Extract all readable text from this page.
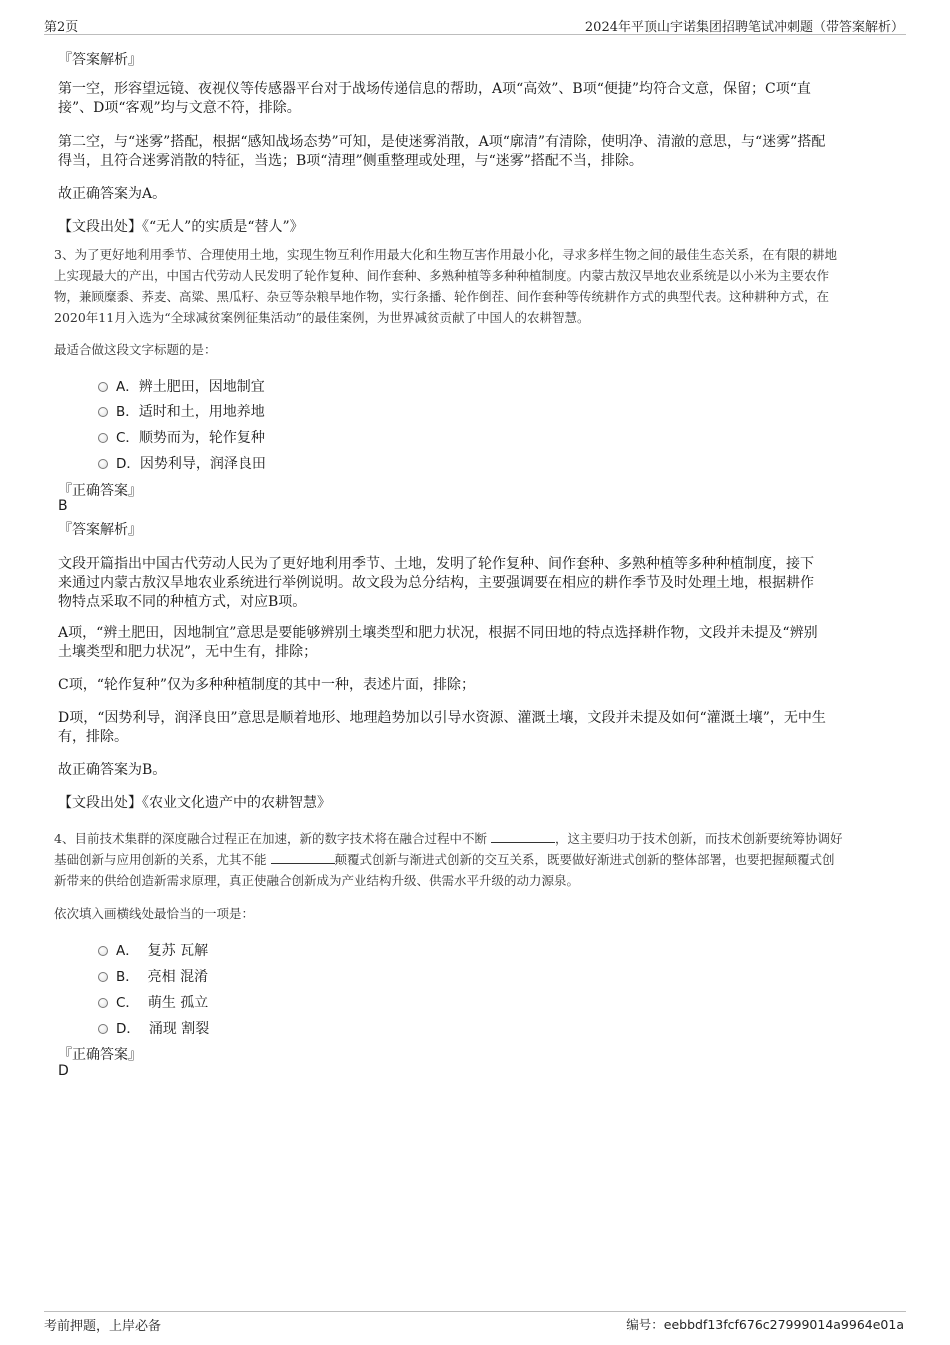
第2页	2024年平顶山宇诺集团招聘笔试冲刺题（带答案解析）
『答案解析』
第一空，形容望远镜、夜视仪等传感器平台对于战场传递信息的帮助，A项“高效”、B项“便捷”均符合文意，保留；C项“直
接”、D项“客观”均与文意不符，排除。
第二空，与“迷雾”搭配，根据“感知战场态势”可知，是使迷雾消散，A项“廓清”有清除，使明净、清澈的意思，与“迷雾”搭配
得当，且符合迷雾消散的特征，当选；B项“清理”侧重整理或处理，与“迷雾”搭配不当，排除。
故正确答案为A。
【文段出处】《“无人”的实质是“替人”》
3、为了更好地利用季节、合理使用土地，实现生物互利作用最大化和生物互害作用最小化，寻求多样生物之间的最佳生态关系，在有限的耕地
上实现最大的产出，中国古代劳动人民发明了轮作复种、间作套种、多熟种植等多种种植制度。内蒙古敖汉旱地农业系统是以小米为主要农作
物，兼顾糜黍、荞麦、高粱、黑瓜籽、杂豆等杂粮旱地作物，实行条播、轮作倒茬、间作套种等传统耕作方式的典型代表。这种耕种方式，在
2020年11月入选为“全球减贫案例征集活动”的最佳案例，为世界减贫贡献了中国人的农耕智慧。
最适合做这段文字标题的是：
A．辨土肥田，因地制宜
B．适时和土，用地养地
C．顺势而为，轮作复种
D．因势利导，润泽良田
『正确答案』
B
『答案解析』
文段开篇指出中国古代劳动人民为了更好地利用季节、土地，发明了轮作复种、间作套种、多熟种植等多种种植制度，接下
来通过内蒙古敖汉旱地农业系统进行举例说明。故文段为总分结构，主要强调要在相应的耕作季节及时处理土地，根据耕作
物特点采取不同的种植方式，对应B项。
A项，“辨土肥田，因地制宜”意思是要能够辨别土壤类型和肥力状况，根据不同田地的特点选择耕作物，文段并未提及“辨别
土壤类型和肥力状况”，无中生有，排除；
C项，“轮作复种”仅为多种种植制度的其中一种，表述片面，排除；
D项，“因势利导，润泽良田”意思是顺着地形、地理趋势加以引导水资源、灌溉土壤，文段并未提及如何“灌溉土壤”，无中生
有，排除。
故正确答案为B。
【文段出处】《农业文化遗产中的农耕智慧》
4、目前技术集群的深度融合过程正在加速，新的数字技术将在融合过程中不断	，这主要归功于技术创新，而技术创新要统筹协调好
基础创新与应用创新的关系，尤其不能	颠覆式创新与渐进式创新的交互关系，既要做好渐进式创新的整体部署，也要把握颠覆式创
新带来的供给创造新需求原理，真正使融合创新成为产业结构升级、供需水平升级的动力源泉。
依次填入画横线处最恰当的一项是：
A． 复苏 瓦解
B． 亮相 混淆
C． 萌生 孤立
D． 涌现 割裂
『正确答案』
D
考前押题，上岸必备	编号：eebbdf13fcf676c27999014a9964e01a
